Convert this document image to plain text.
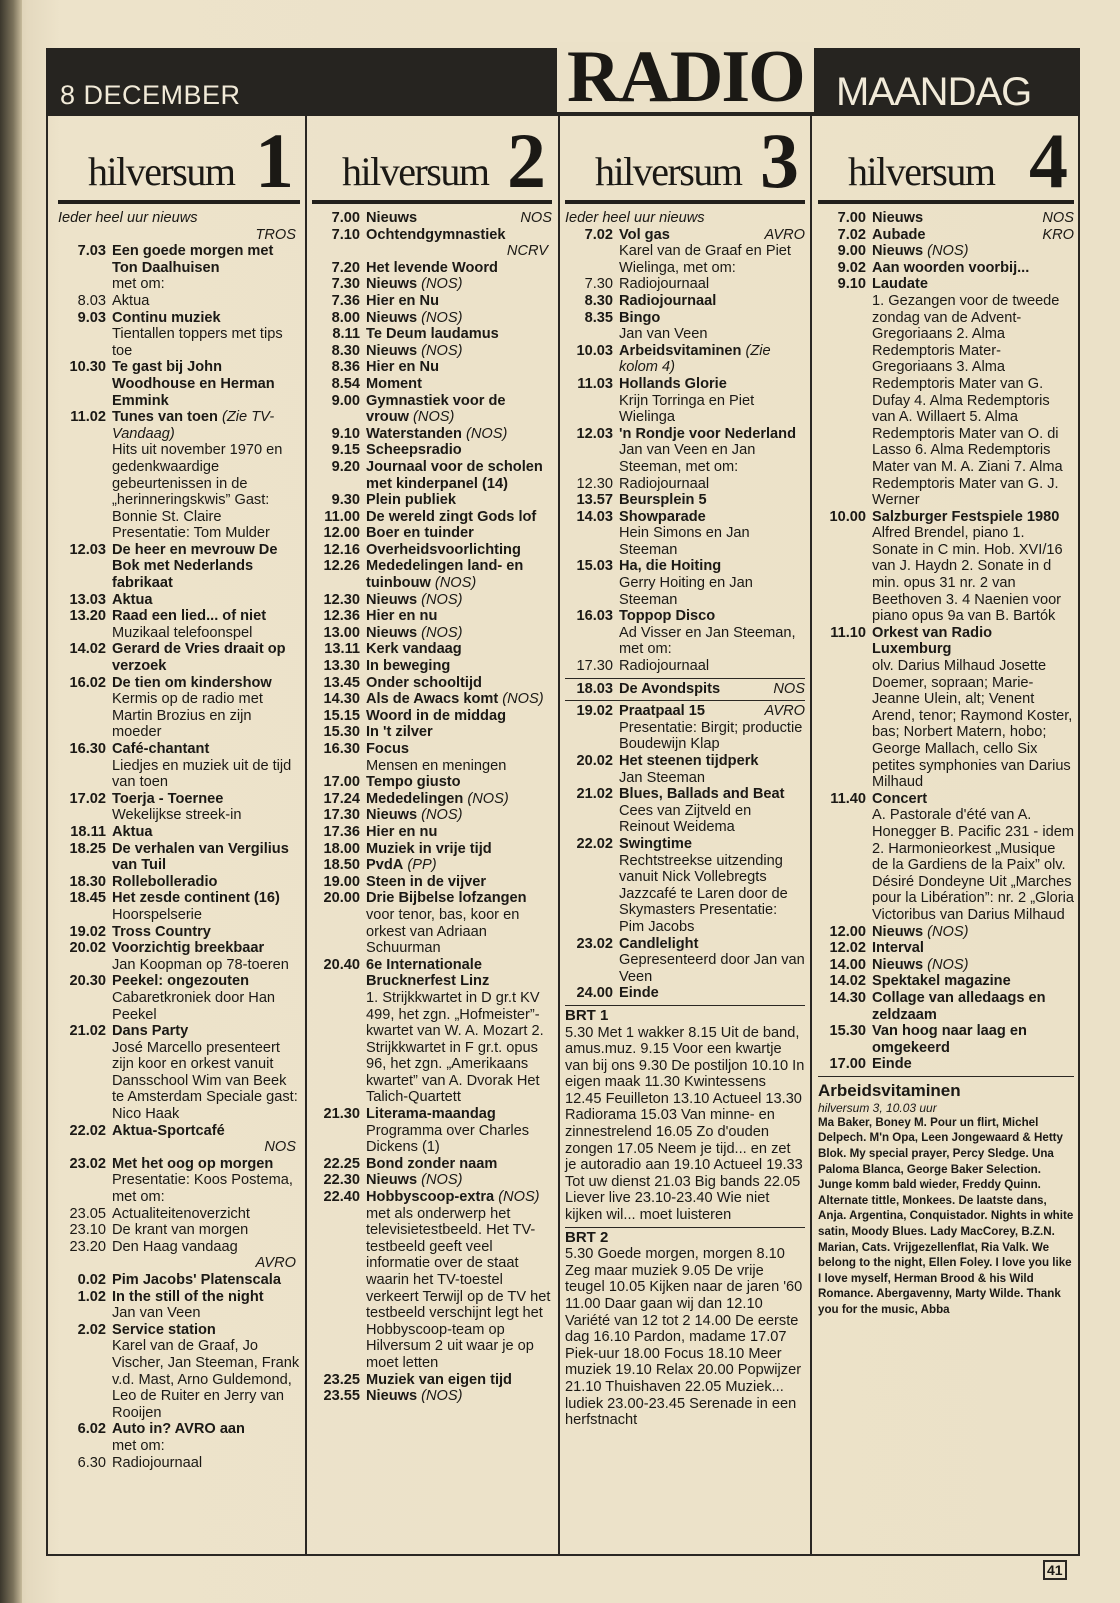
8 DECEMBER	RADIO MAANDAG
hilversum 1
Ieder heel uur nieuws
TROS
7.03 Een goede morgen met Ton Daalhuisen
met om:
8.03 Aktua
9.03 Continu muziek
Tientallen toppers met tips toe
10.30 Te gast bij John Woodhouse en Herman Emmink
11.02 Tunes van toen (Zie TV-Vandaag)
Hits uit november 1970 en gedenkwaardige gebeurtenissen in de „herinneringskwis” Gast: Bonnie St. Claire Presentatie: Tom Mulder
12.03 De heer en mevrouw De Bok met Nederlands fabrikaat
13.03 Aktua
13.20 Raad een lied... of niet
Muzikaal telefoonspel
14.02 Gerard de Vries draait op verzoek
16.02 De tien om kindershow
Kermis op de radio met Martin Brozius en zijn moeder
16.30 Café-chantant
Liedjes en muziek uit de tijd van toen
17.02 Toerja - Toernee
Wekelijkse streek-in
18.11 Aktua
18.25 De verhalen van Vergilius van Tuil
18.30 Rollebolleradio
18.45 Het zesde continent (16)
Hoorspelserie
19.02 Tross Country
20.02 Voorzichtig breekbaar
Jan Koopman op 78-toeren
20.30 Peekel: ongezouten
Cabaretkroniek door Han Peekel
21.02 Dans Party
José Marcello presenteert zijn koor en orkest vanuit Dansschool Wim van Beek te Amsterdam Speciale gast: Nico Haak
22.02 Aktua-Sportcafé
NOS
23.02 Met het oog op morgen
Presentatie: Koos Postema, met om:
23.05 Actualiteitenoverzicht
23.10 De krant van morgen
23.20 Den Haag vandaag
AVRO
0.02 Pim Jacobs' Platenscala
1.02 In the still of the night
Jan van Veen
2.02 Service station
Karel van de Graaf, Jo Vischer, Jan Steeman, Frank v.d. Mast, Arno Guldemond, Leo de Ruiter en Jerry van Rooijen
6.02 Auto in? AVRO aan
met om:
6.30 Radiojournaal
hilversum 2
7.00	NOS
Nieuws
7.10 Ochtendgymnastiek
NCRV
7.20 Het levende Woord
7.30 Nieuws (NOS)
7.36 Hier en Nu
8.00 Nieuws (NOS)
8.11 Te Deum laudamus
8.30 Nieuws (NOS)
8.36 Hier en Nu
8.54 Moment
9.00 Gymnastiek voor de vrouw (NOS)
9.10 Waterstanden (NOS)
9.15 Scheepsradio
9.20 Journaal voor de scholen met kinderpanel (14)
9.30 Plein publiek
11.00 De wereld zingt Gods lof
12.00 Boer en tuinder
12.16 Overheidsvoorlichting
12.26 Mededelingen land- en tuinbouw (NOS)
12.30 Nieuws (NOS)
12.36 Hier en nu
13.00 Nieuws (NOS)
13.11 Kerk vandaag
13.30 In beweging
13.45 Onder schooltijd
14.30 Als de Awacs komt (NOS)
15.15 Woord in de middag
15.30 In 't zilver
16.30 Focus
Mensen en meningen
17.00 Tempo giusto
17.24 Mededelingen (NOS)
17.30 Nieuws (NOS)
17.36 Hier en nu
18.00 Muziek in vrije tijd
18.50 PvdA (PP)
19.00 Steen in de vijver
20.00 Drie Bijbelse lofzangen
voor tenor, bas, koor en orkest van Adriaan Schuurman
20.40 6e Internationale Brucknerfest Linz
1. Strijkkwartet in D gr.t KV 499, het zgn. „Hofmeister”-kwartet van W. A. Mozart 2. Strijkkwartet in F gr.t. opus 96, het zgn. „Amerikaans kwartet” van A. Dvorak Het Talich-Quartett
21.30 Literama-maandag
Programma over Charles Dickens (1)
22.25 Bond zonder naam
22.30 Nieuws (NOS)
22.40 Hobbyscoop-extra (NOS)
met als onderwerp het televisietestbeeld. Het TV-testbeeld geeft veel informatie over de staat waarin het TV-toestel verkeert Terwijl op de TV het testbeeld verschijnt legt het Hobbyscoop-team op Hilversum 2 uit waar je op moet letten
23.25 Muziek van eigen tijd
23.55 Nieuws (NOS)
hilversum 3
Ieder heel uur nieuws
7.02	AVRO
Vol gas
Karel van de Graaf en Piet Wielinga, met om:
7.30 Radiojournaal
8.30 Radiojournaal
8.35 Bingo
Jan van Veen
10.03 Arbeidsvitaminen (Zie kolom 4)
11.03 Hollands Glorie
Krijn Torringa en Piet Wielinga
12.03 'n Rondje voor Nederland
Jan van Veen en Jan Steeman, met om:
12.30 Radiojournaal
13.57 Beursplein 5
14.03 Showparade
Hein Simons en Jan Steeman
15.03 Ha, die Hoiting
Gerry Hoiting en Jan Steeman
16.03 Toppop Disco
Ad Visser en Jan Steeman, met om:
17.30 Radiojournaal
18.03	NOS
De Avondspits
19.02	AVRO
Praatpaal 15
Presentatie: Birgit; productie Boudewijn Klap
20.02 Het steenen tijdperk
Jan Steeman
21.02 Blues, Ballads and Beat
Cees van Zijtveld en Reinout Weidema
22.02 Swingtime
Rechtstreekse uitzending vanuit Nick Vollebregts Jazzcafé te Laren door de Skymasters Presentatie: Pim Jacobs
23.02 Candlelight
Gepresenteerd door Jan van Veen
24.00 Einde
BRT 1
5.30 Met 1 wakker 8.15 Uit de band, amus.muz. 9.15 Voor een kwartje van bij ons 9.30 De postiljon 10.10 In eigen maak 11.30 Kwintessens 12.45 Feuilleton 13.10 Actueel 13.30 Radiorama 15.03 Van minne- en zinnestrelend 16.05 Zo d'ouden zongen 17.05 Neem je tijd... en zet je autoradio aan 19.10 Actueel 19.33 Tot uw dienst 21.03 Big bands 22.05 Liever live 23.10-23.40 Wie niet kijken wil... moet luisteren
BRT 2
5.30 Goede morgen, morgen 8.10 Zeg maar muziek 9.05 De vrije teugel 10.05 Kijken naar de jaren '60 11.00 Daar gaan wij dan 12.10 Variété van 12 tot 2 14.00 De eerste dag 16.10 Pardon, madame 17.07 Piek-uur 18.00 Focus 18.10 Meer muziek 19.10 Relax 20.00 Popwijzer 21.10 Thuishaven 22.05 Muziek... ludiek 23.00-23.45 Serenade in een herfstnacht
hilversum 4
7.00	NOS
Nieuws
7.02	KRO
Aubade
9.00 Nieuws (NOS)
9.02 Aan woorden voorbij...
9.10 Laudate
1. Gezangen voor de tweede zondag van de Advent-Gregoriaans 2. Alma Redemptoris Mater-Gregoriaans 3. Alma Redemptoris Mater van G. Dufay 4. Alma Redemptoris van A. Willaert 5. Alma Redemptoris Mater van O. di Lasso 6. Alma Redemptoris Mater van M. A. Ziani 7. Alma Redemptoris Mater van G. J. Werner
10.00 Salzburger Festspiele 1980
Alfred Brendel, piano 1. Sonate in C min. Hob. XVI/16 van J. Haydn 2. Sonate in d min. opus 31 nr. 2 van Beethoven 3. 4 Naenien voor piano opus 9a van B. Bartók
11.10 Orkest van Radio Luxemburg
olv. Darius Milhaud Josette Doemer, sopraan; Marie-Jeanne Ulein, alt; Venent Arend, tenor; Raymond Koster, bas; Norbert Matern, hobo; George Mallach, cello Six petites symphonies van Darius Milhaud
11.40 Concert
A. Pastorale d'été van A. Honegger B. Pacific 231 - idem 2. Harmonieorkest „Musique de la Gardiens de la Paix” olv. Désiré Dondeyne Uit „Marches pour la Libération”: nr. 2 „Gloria Victoribus van Darius Milhaud
12.00 Nieuws (NOS)
12.02 Interval
14.00 Nieuws (NOS)
14.02 Spektakel magazine
14.30 Collage van alledaags en zeldzaam
15.30 Van hoog naar laag en omgekeerd
17.00 Einde
Arbeidsvitaminen
hilversum 3, 10.03 uur
Ma Baker, Boney M. Pour un flirt, Michel Delpech. M'n Opa, Leen Jongewaard & Hetty Blok. My special prayer, Percy Sledge. Una Paloma Blanca, George Baker Selection. Junge komm bald wieder, Freddy Quinn. Alternate tittle, Monkees. De laatste dans, Anja. Argentina, Conquistador. Nights in white satin, Moody Blues. Lady MacCorey, B.Z.N. Marian, Cats. Vrijgezellenflat, Ria Valk. We belong to the night, Ellen Foley. I love you like I love myself, Herman Brood & his Wild Romance. Abergavenny, Marty Wilde. Thank you for the music, Abba
41
